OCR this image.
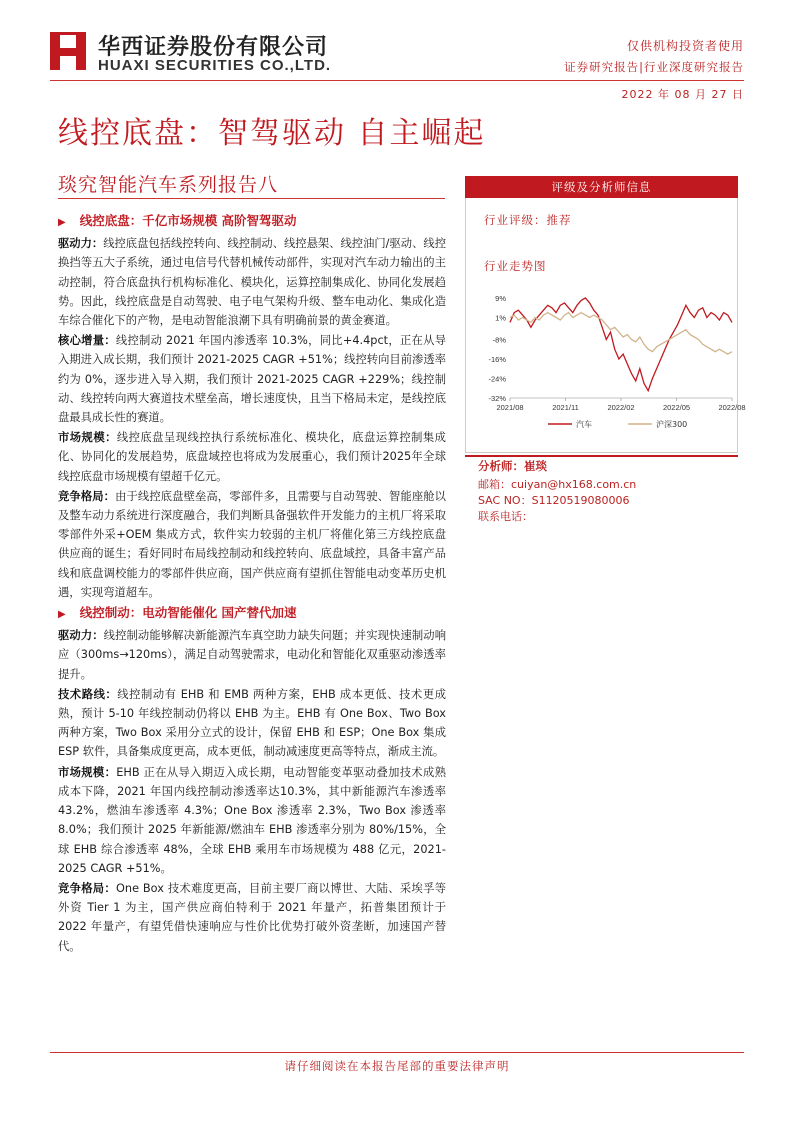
华西证券股份有限公司
HUAXI SECURITIES CO.,LTD.
仅供机构投资者使用
证券研究报告|行业深度研究报告
2022 年 08 月 27 日
线控底盘：智驾驱动 自主崛起
琰究智能汽车系列报告八
▶ 线控底盘：千亿市场规模 高阶智驾驱动

驱动力：线控底盘包括线控转向、线控制动、线控悬架、线控油门/驱动、线控换挡等五大子系统，通过电信号代替机械传动部件，实现对汽车动力输出的主动控制，符合底盘执行机构标准化、模块化，运算控制集成化、协同化发展趋势。因此，线控底盘是自动驾驶、电子电气架构升级、整车电动化、集成化造车综合催化下的产物，是电动智能浪潮下具有明确前景的黄金赛道。

核心增量：线控制动 2021 年国内渗透率 10.3%，同比+4.4pct，正在从导入期进入成长期，我们预计 2021-2025 CAGR +51%；线控转向目前渗透率约为 0%，逐步进入导入期，我们预计 2021-2025 CAGR +229%；线控制动、线控转向两大赛道技术壁垒高，增长速度快，且当下格局未定，是线控底盘最具成长性的赛道。

市场规模：线控底盘呈现线控执行系统标准化、模块化，底盘运算控制集成化、协同化的发展趋势，底盘域控也将成为发展重心，我们预计2025年全球线控底盘市场规模有望超千亿元。

竞争格局：由于线控底盘壁垒高，零部件多，且需要与自动驾驶、智能座舱以及整车动力系统进行深度融合，我们判断具备强软件开发能力的主机厂将采取零部件外采+OEM 集成方式，软件实力较弱的主机厂将催化第三方线控底盘供应商的诞生；看好同时布局线控制动和线控转向、底盘域控，具备丰富产品线和底盘调校能力的零部件供应商，国产供应商有望抓住智能电动变革历史机遇，实现弯道超车。

▶ 线控制动：电动智能催化 国产替代加速

驱动力：线控制动能够解决新能源汽车真空助力缺失问题；并实现快速制动响应（300ms→120ms），满足自动驾驶需求，电动化和智能化双重驱动渗透率提升。

技术路线：线控制动有 EHB 和 EMB 两种方案，EHB 成本更低、技术更成熟，预计 5-10 年线控制动仍将以 EHB 为主。EHB 有 One Box、Two Box 两种方案，Two Box 采用分立式的设计，保留 EHB 和 ESP；One Box 集成 ESP 软件，具备集成度更高，成本更低，制动减速度更高等特点，渐成主流。

市场规模：EHB 正在从导入期迈入成长期，电动智能变革驱动叠加技术成熟成本下降，2021 年国内线控制动渗透率达10.3%，其中新能源汽车渗透率 43.2%，燃油车渗透率 4.3%；One Box 渗透率 2.3%，Two Box 渗透率 8.0%；我们预计 2025 年新能源/燃油车 EHB 渗透率分别为 80%/15%，全球 EHB 综合渗透率 48%，全球 EHB 乘用车市场规模为 488 亿元，2021-2025 CAGR +51%。

竞争格局：One Box 技术难度更高，目前主要厂商以博世、大陆、采埃孚等外资 Tier 1 为主，国产供应商伯特利于 2021 年量产，拓普集团预计于 2022 年量产，有望凭借快速响应与性价比优势打破外资垄断，加速国产替代。

评级及分析师信息
行业评级：推荐
行业走势图
9%
1%
-8%
-16%
-24%
-32%
2021/08	2021/11	2022/02	2022/05	2022/08
汽车	沪深300
分析师：崔琰
邮箱：cuiyan@hx168.com.cn
SAC NO：S1120519080006
联系电话：
请仔细阅读在本报告尾部的重要法律声明
